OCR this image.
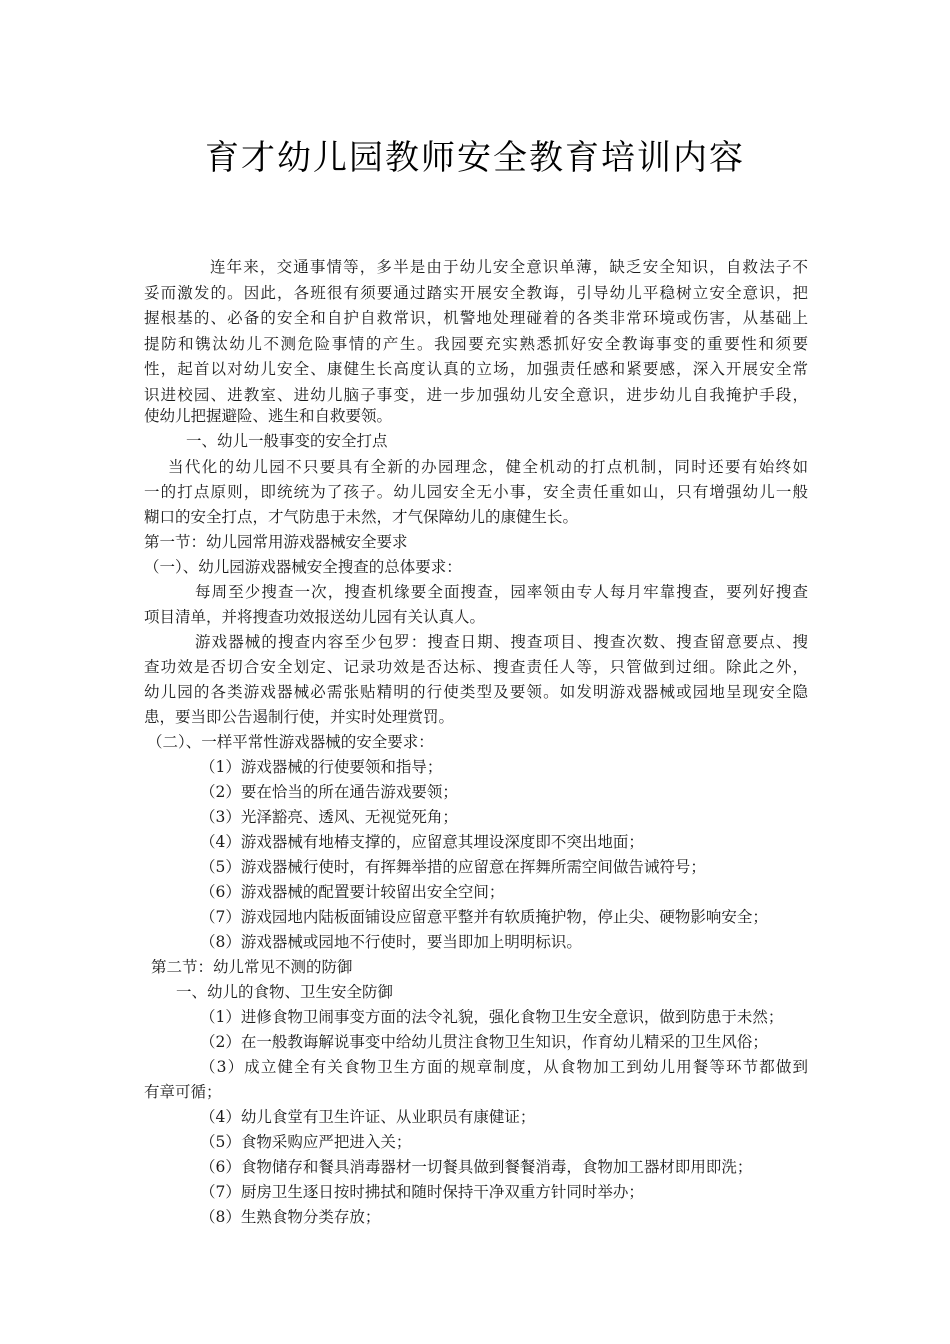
育才幼儿园教师安全教育培训内容
连年来，交通事情等，多半是由于幼儿安全意识单薄，缺乏安全知识，自救法子不
妥而激发的。因此，各班很有须要通过踏实开展安全教诲，引导幼儿平稳树立安全意识，把
握根基的、必备的安全和自护自救常识，机警地处理碰着的各类非常环境或伤害，从基础上
提防和镌汰幼儿不测危险事情的产生。我园要充实熟悉抓好安全教诲事变的重要性和须要
性，起首以对幼儿安全、康健生长高度认真的立场，加强责任感和紧要感，深入开展安全常
识进校园、进教室、进幼儿脑子事变，进一步加强幼儿安全意识，进步幼儿自我掩护手段，
使幼儿把握避险、逃生和自救要领。
一、幼儿一般事变的安全打点
当代化的幼儿园不只要具有全新的办园理念，健全机动的打点机制，同时还要有始终如
一的打点原则，即统统为了孩子。幼儿园安全无小事，安全责任重如山，只有增强幼儿一般
糊口的安全打点，才气防患于未然，才气保障幼儿的康健生长。
第一节：幼儿园常用游戏器械安全要求
（一）、幼儿园游戏器械安全搜查的总体要求：
每周至少搜查一次，搜查机缘要全面搜查，园率领由专人每月牢靠搜查，要列好搜查
项目清单，并将搜查功效报送幼儿园有关认真人。
游戏器械的搜查内容至少包罗：搜查日期、搜查项目、搜查次数、搜查留意要点、搜
查功效是否切合安全划定、记录功效是否达标、搜查责任人等，只管做到过细。除此之外，
幼儿园的各类游戏器械必需张贴精明的行使类型及要领。如发明游戏器械或园地呈现安全隐
患，要当即公告遏制行使，并实时处理赏罚。
（二）、一样平常性游戏器械的安全要求：
（1）游戏器械的行使要领和指导；
（2）要在恰当的所在通告游戏要领；
（3）光泽豁亮、透风、无视觉死角；
（4）游戏器械有地椿支撑的，应留意其埋设深度即不突出地面；
（5）游戏器械行使时，有挥舞举措的应留意在挥舞所需空间做告诫符号；
（6）游戏器械的配置要计较留出安全空间；
（7）游戏园地内陆板面铺设应留意平整并有软质掩护物，停止尖、硬物影响安全；
（8）游戏器械或园地不行使时，要当即加上明明标识。
第二节：幼儿常见不测的防御
一、幼儿的食物、卫生安全防御
（1）进修食物卫闹事变方面的法令礼貌，强化食物卫生安全意识，做到防患于未然；
（2）在一般教诲解说事变中给幼儿贯注食物卫生知识，作育幼儿精采的卫生风俗；
（3）成立健全有关食物卫生方面的规章制度，从食物加工到幼儿用餐等环节都做到
有章可循；
（4）幼儿食堂有卫生许证、从业职员有康健证；
（5）食物采购应严把进入关；
（6）食物储存和餐具消毒器材一切餐具做到餐餐消毒，食物加工器材即用即洗；
（7）厨房卫生逐日按时拂拭和随时保持干净双重方针同时举办；
（8）生熟食物分类存放；
